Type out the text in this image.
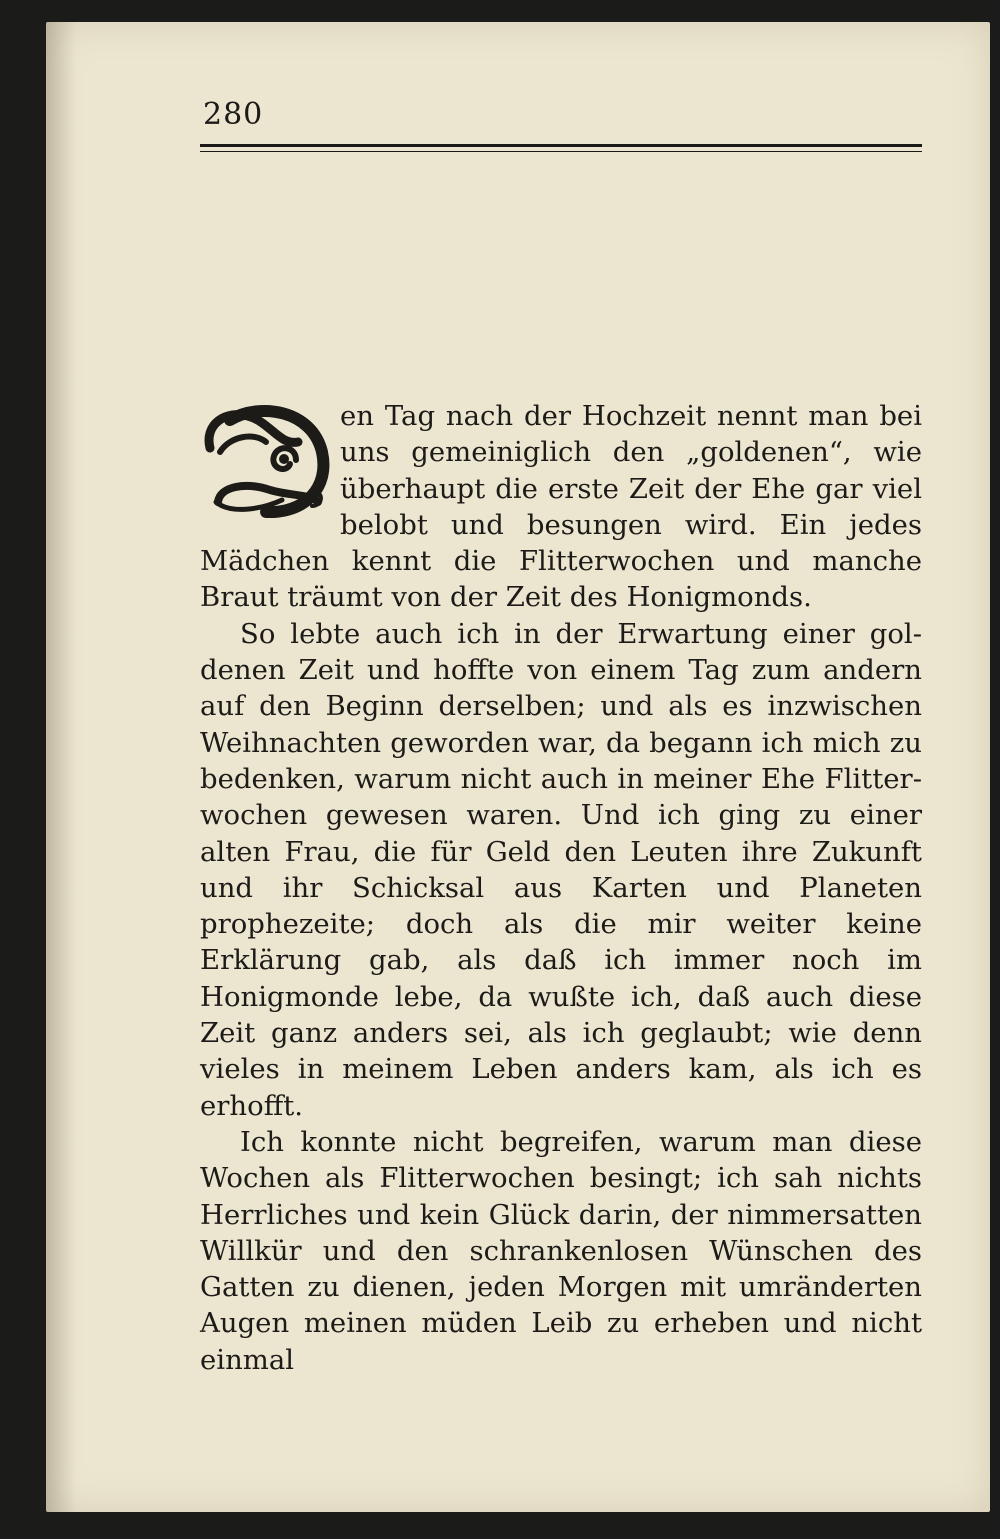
280

en Tag nach der Hochzeit nennt man bei uns gemeiniglich den „goldenen“, wie überhaupt die erste Zeit der Ehe gar viel belobt und besungen wird. Ein jedes Mädchen kennt die Flitterwochen und manche Braut träumt von der Zeit des Honigmonds.

So lebte auch ich in der Erwartung einer goldenen Zeit und hoffte von einem Tag zum andern auf den Beginn derselben; und als es inzwischen Weihnachten geworden war, da begann ich mich zu bedenken, warum nicht auch in meiner Ehe Flitterwochen gewesen waren. Und ich ging zu einer alten Frau, die für Geld den Leuten ihre Zukunft und ihr Schicksal aus Karten und Planeten prophezeite; doch als die mir weiter keine Erklärung gab, als daß ich immer noch im Honigmonde lebe, da wußte ich, daß auch diese Zeit ganz anders sei, als ich geglaubt; wie denn vieles in meinem Leben anders kam, als ich es erhofft.

Ich konnte nicht begreifen, warum man diese Wochen als Flitterwochen besingt; ich sah nichts Herrliches und kein Glück darin, der nimmersatten Willkür und den schrankenlosen Wünschen des Gatten zu dienen, jeden Morgen mit umränderten Augen meinen müden Leib zu erheben und nicht einmal
